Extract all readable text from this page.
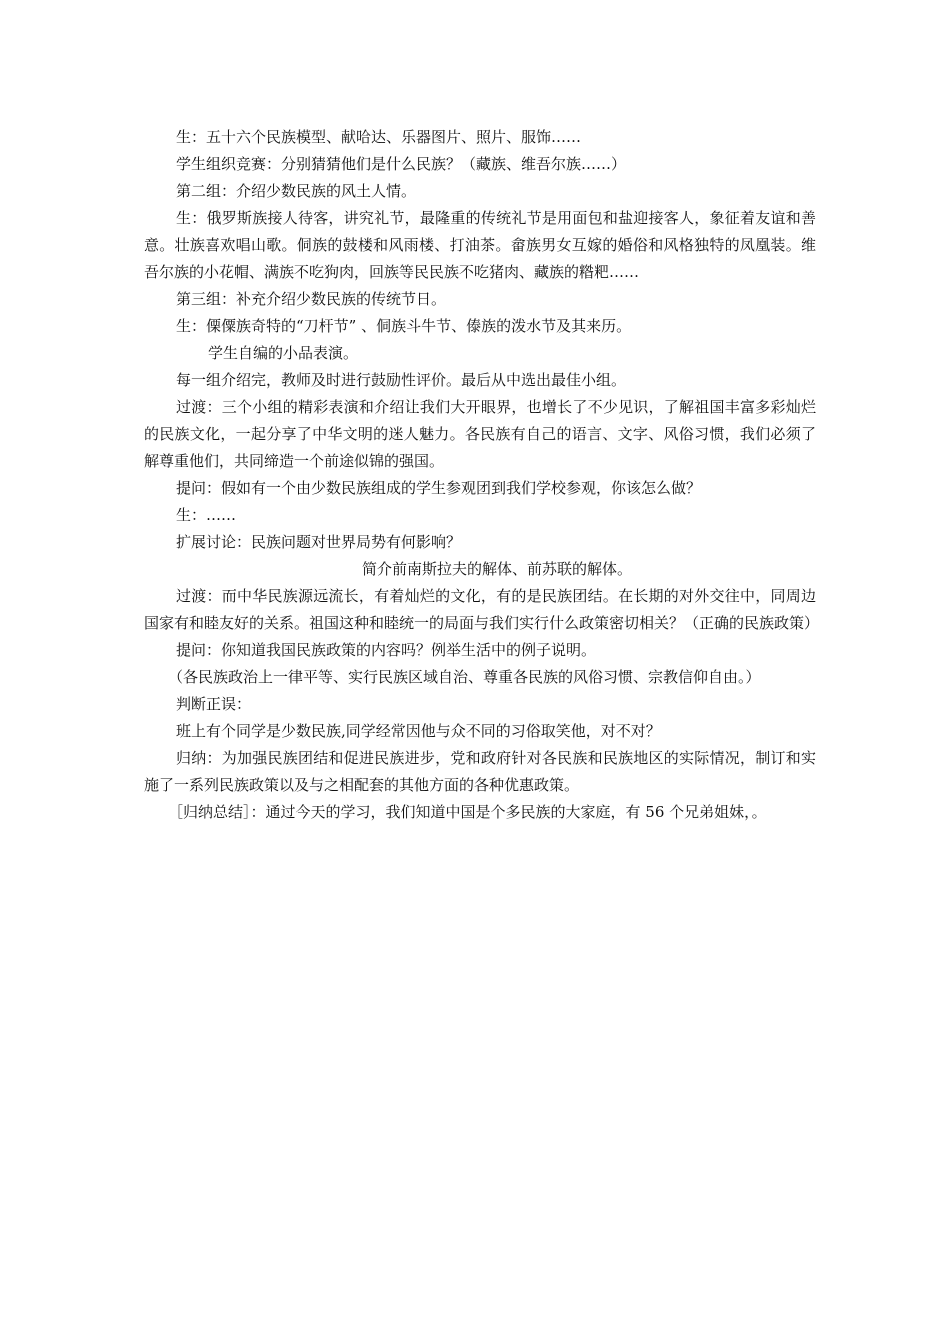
生：五十六个民族模型、献哈达、乐器图片、照片、服饰……

学生组织竞赛：分别猜猜他们是什么民族？（藏族、维吾尔族……）

第二组：介绍少数民族的风土人情。

生：俄罗斯族接人待客，讲究礼节，最隆重的传统礼节是用面包和盐迎接客人，象征着友谊和善意。壮族喜欢唱山歌。侗族的鼓楼和风雨楼、打油茶。畲族男女互嫁的婚俗和风格独特的凤凰装。维吾尔族的小花帽、满族不吃狗肉，回族等民民族不吃猪肉、藏族的糌粑……

第三组：补充介绍少数民族的传统节日。

生：傈僳族奇特的“刀杆节” 、侗族斗牛节、傣族的泼水节及其来历。

学生自编的小品表演。

每一组介绍完，教师及时进行鼓励性评价。最后从中选出最佳小组。

过渡：三个小组的精彩表演和介绍让我们大开眼界，也增长了不少见识，了解祖国丰富多彩灿烂的民族文化，一起分享了中华文明的迷人魅力。各民族有自己的语言、文字、风俗习惯，我们必须了解尊重他们，共同缔造一个前途似锦的强国。

提问：假如有一个由少数民族组成的学生参观团到我们学校参观，你该怎么做？

生：……

扩展讨论：民族问题对世界局势有何影响？

简介前南斯拉夫的解体、前苏联的解体。

过渡：而中华民族源远流长，有着灿烂的文化，有的是民族团结。在长期的对外交往中，同周边国家有和睦友好的关系。祖国这种和睦统一的局面与我们实行什么政策密切相关？（正确的民族政策）

提问：你知道我国民族政策的内容吗？例举生活中的例子说明。

（各民族政治上一律平等、实行民族区域自治、尊重各民族的风俗习惯、宗教信仰自由。）

判断正误：

班上有个同学是少数民族,同学经常因他与众不同的习俗取笑他，对不对？

归纳：为加强民族团结和促进民族进步，党和政府针对各民族和民族地区的实际情况，制订和实施了一系列民族政策以及与之相配套的其他方面的各种优惠政策。

［归纳总结］：通过今天的学习，我们知道中国是个多民族的大家庭，有 56 个兄弟姐妹，。
